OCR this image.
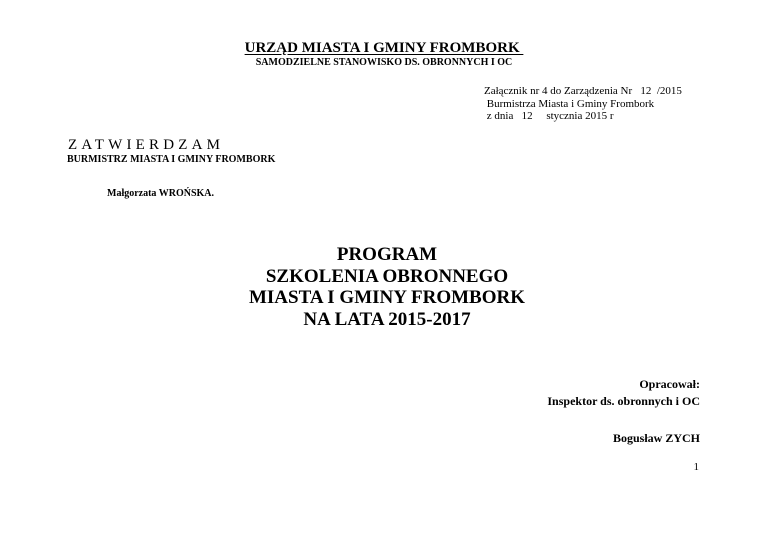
URZĄD MIASTA I GMINY FROMBORK
SAMODZIELNE STANOWISKO DS. OBRONNYCH I OC
Załącznik nr 4 do Zarządzenia Nr   12  /2015
Burmistrza Miasta i Gminy Frombork
z dnia   12     stycznia 2015 r
ZATWIERDZAM
BURMISTRZ MIASTA I GMINY FROMBORK
Małgorzata WROŃSKA.
PROGRAM
SZKOLENIA OBRONNEGO
MIASTA I GMINY FROMBORK
NA LATA 2015-2017
Opracował:
Inspektor ds. obronnych i OC
Bogusław ZYCH
1
